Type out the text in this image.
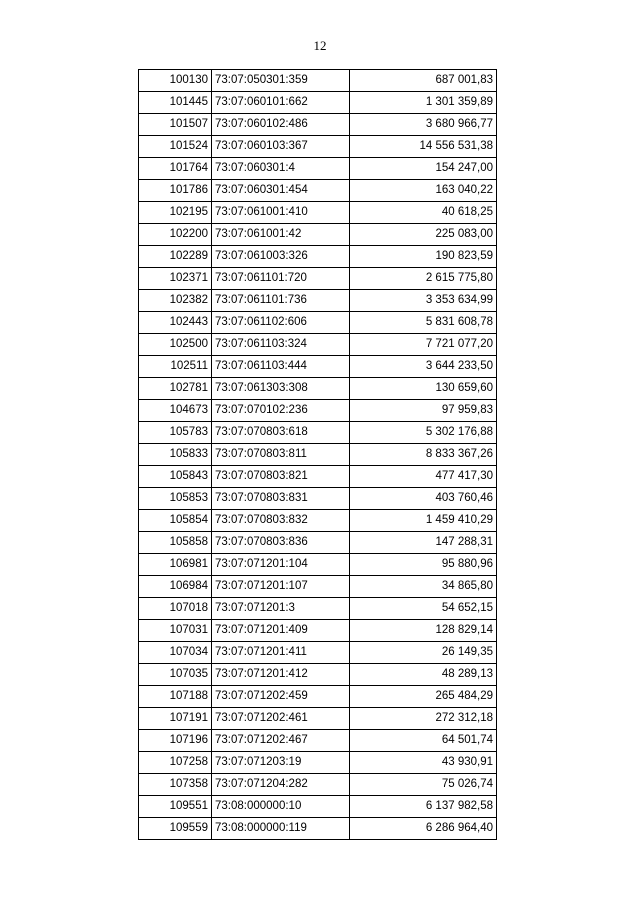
12
100130	73:07:050301:359	687 001,83
101445	73:07:060101:662	1 301 359,89
101507	73:07:060102:486	3 680 966,77
101524	73:07:060103:367	14 556 531,38
101764	73:07:060301:4	154 247,00
101786	73:07:060301:454	163 040,22
102195	73:07:061001:410	40 618,25
102200	73:07:061001:42	225 083,00
102289	73:07:061003:326	190 823,59
102371	73:07:061101:720	2 615 775,80
102382	73:07:061101:736	3 353 634,99
102443	73:07:061102:606	5 831 608,78
102500	73:07:061103:324	7 721 077,20
102511	73:07:061103:444	3 644 233,50
102781	73:07:061303:308	130 659,60
104673	73:07:070102:236	97 959,83
105783	73:07:070803:618	5 302 176,88
105833	73:07:070803:811	8 833 367,26
105843	73:07:070803:821	477 417,30
105853	73:07:070803:831	403 760,46
105854	73:07:070803:832	1 459 410,29
105858	73:07:070803:836	147 288,31
106981	73:07:071201:104	95 880,96
106984	73:07:071201:107	34 865,80
107018	73:07:071201:3	54 652,15
107031	73:07:071201:409	128 829,14
107034	73:07:071201:411	26 149,35
107035	73:07:071201:412	48 289,13
107188	73:07:071202:459	265 484,29
107191	73:07:071202:461	272 312,18
107196	73:07:071202:467	64 501,74
107258	73:07:071203:19	43 930,91
107358	73:07:071204:282	75 026,74
109551	73:08:000000:10	6 137 982,58
109559	73:08:000000:119	6 286 964,40
